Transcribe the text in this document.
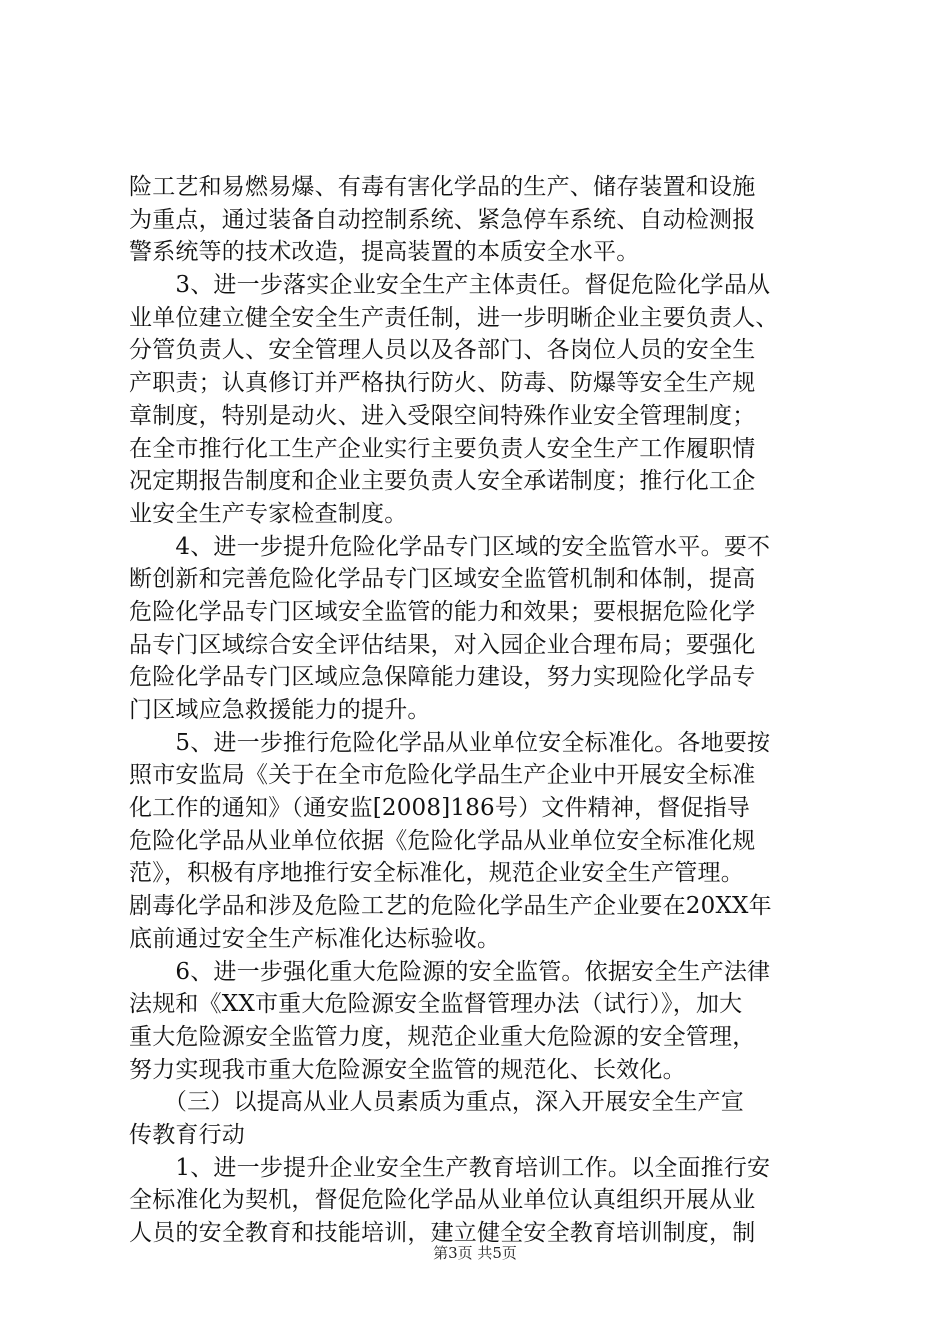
险工艺和易燃易爆、有毒有害化学品的生产、储存装置和设施
为重点，通过装备自动控制系统、紧急停车系统、自动检测报
警系统等的技术改造，提高装置的本质安全水平。
　　3、进一步落实企业安全生产主体责任。督促危险化学品从
业单位建立健全安全生产责任制，进一步明晰企业主要负责人、
分管负责人、安全管理人员以及各部门、各岗位人员的安全生
产职责；认真修订并严格执行防火、防毒、防爆等安全生产规
章制度，特别是动火、进入受限空间特殊作业安全管理制度；
在全市推行化工生产企业实行主要负责人安全生产工作履职情
况定期报告制度和企业主要负责人安全承诺制度；推行化工企
业安全生产专家检查制度。
　　4、进一步提升危险化学品专门区域的安全监管水平。要不
断创新和完善危险化学品专门区域安全监管机制和体制，提高
危险化学品专门区域安全监管的能力和效果；要根据危险化学
品专门区域综合安全评估结果，对入园企业合理布局；要强化
危险化学品专门区域应急保障能力建设，努力实现险化学品专
门区域应急救援能力的提升。
　　5、进一步推行危险化学品从业单位安全标准化。各地要按
照市安监局《关于在全市危险化学品生产企业中开展安全标准
化工作的通知》（通安监[2008]186号）文件精神，督促指导
危险化学品从业单位依据《危险化学品从业单位安全标准化规
范》，积极有序地推行安全标准化，规范企业安全生产管理。
剧毒化学品和涉及危险工艺的危险化学品生产企业要在20XX年
底前通过安全生产标准化达标验收。
　　6、进一步强化重大危险源的安全监管。依据安全生产法律
法规和《XX市重大危险源安全监督管理办法（试行）》，加大
重大危险源安全监管力度，规范企业重大危险源的安全管理，
努力实现我市重大危险源安全监管的规范化、长效化。
　　（三）以提高从业人员素质为重点，深入开展安全生产宣
传教育行动
　　1、进一步提升企业安全生产教育培训工作。以全面推行安
全标准化为契机，督促危险化学品从业单位认真组织开展从业
人员的安全教育和技能培训，建立健全安全教育培训制度，制
第3页 共5页
